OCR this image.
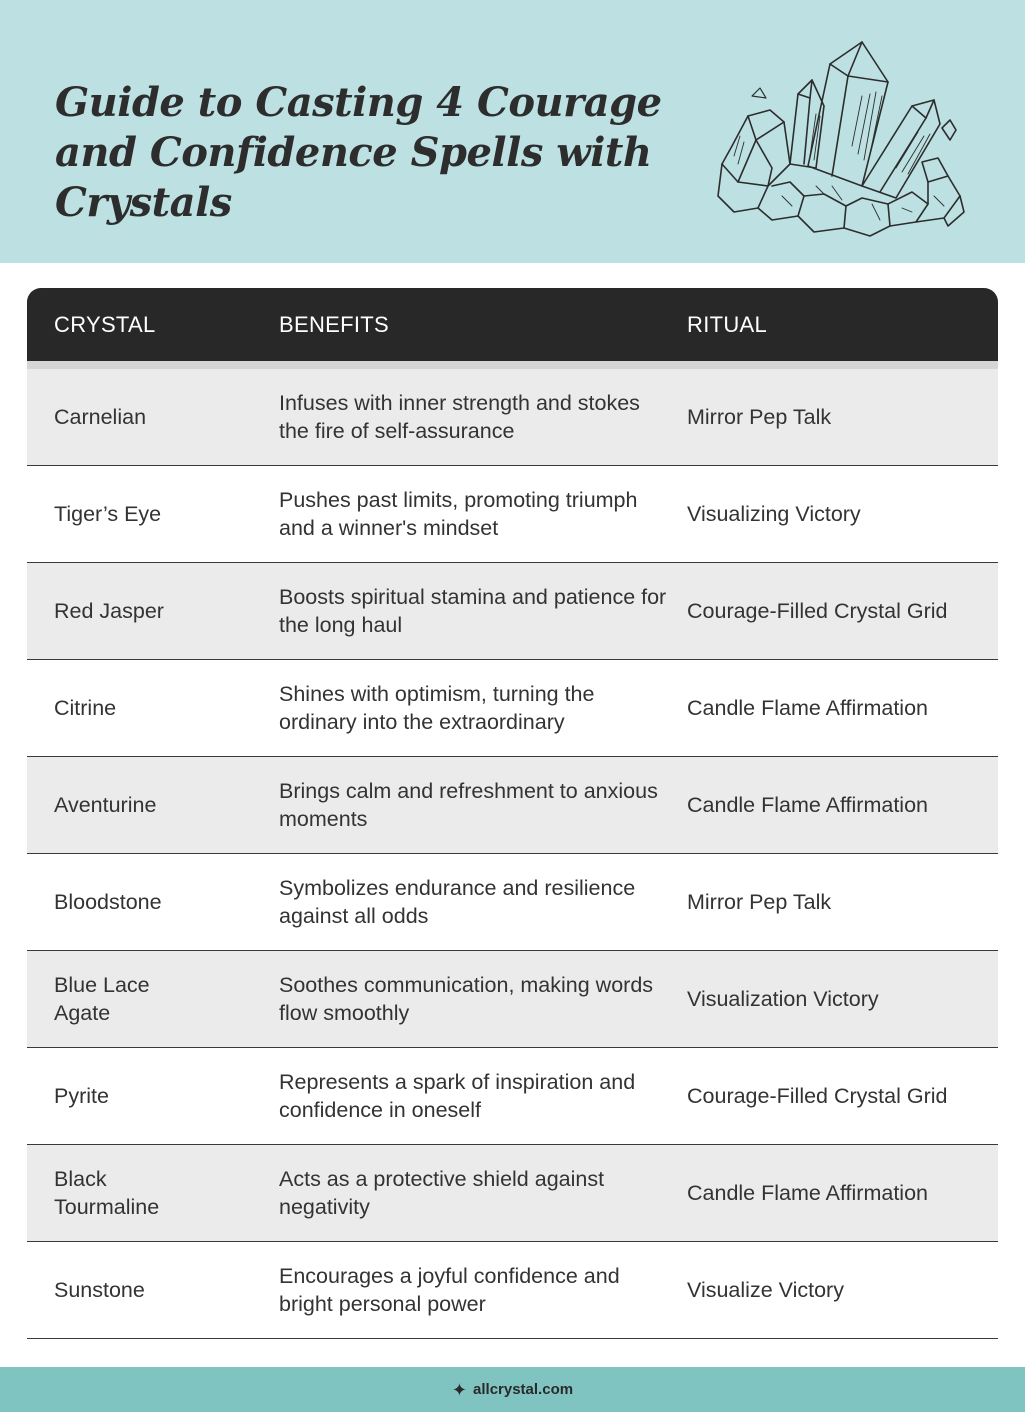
Guide to Casting 4 Courage and Confidence Spells with Crystals
CRYSTAL	BENEFITS	RITUAL
Carnelian
Infuses with inner strength and stokes the fire of self-assurance
Mirror Pep Talk
Tiger’s Eye
Pushes past limits, promoting triumph and a winner's mindset
Visualizing Victory
Red Jasper
Boosts spiritual stamina and patience for the long haul
Courage-Filled Crystal Grid
Citrine
Shines with optimism, turning the ordinary into the extraordinary
Candle Flame Affirmation
Aventurine
Brings calm and refreshment to anxious moments
Candle Flame Affirmation
Bloodstone
Symbolizes endurance and resilience against all odds
Mirror Pep Talk
Blue Lace Agate
Soothes communication, making words flow smoothly
Visualization Victory
Pyrite
Represents a spark of inspiration and confidence in oneself
Courage-Filled Crystal Grid
Black Tourmaline
Acts as a protective shield against negativity
Candle Flame Affirmation
Sunstone
Encourages a joyful confidence and bright personal power
Visualize Victory
✦ allcrystal.com
